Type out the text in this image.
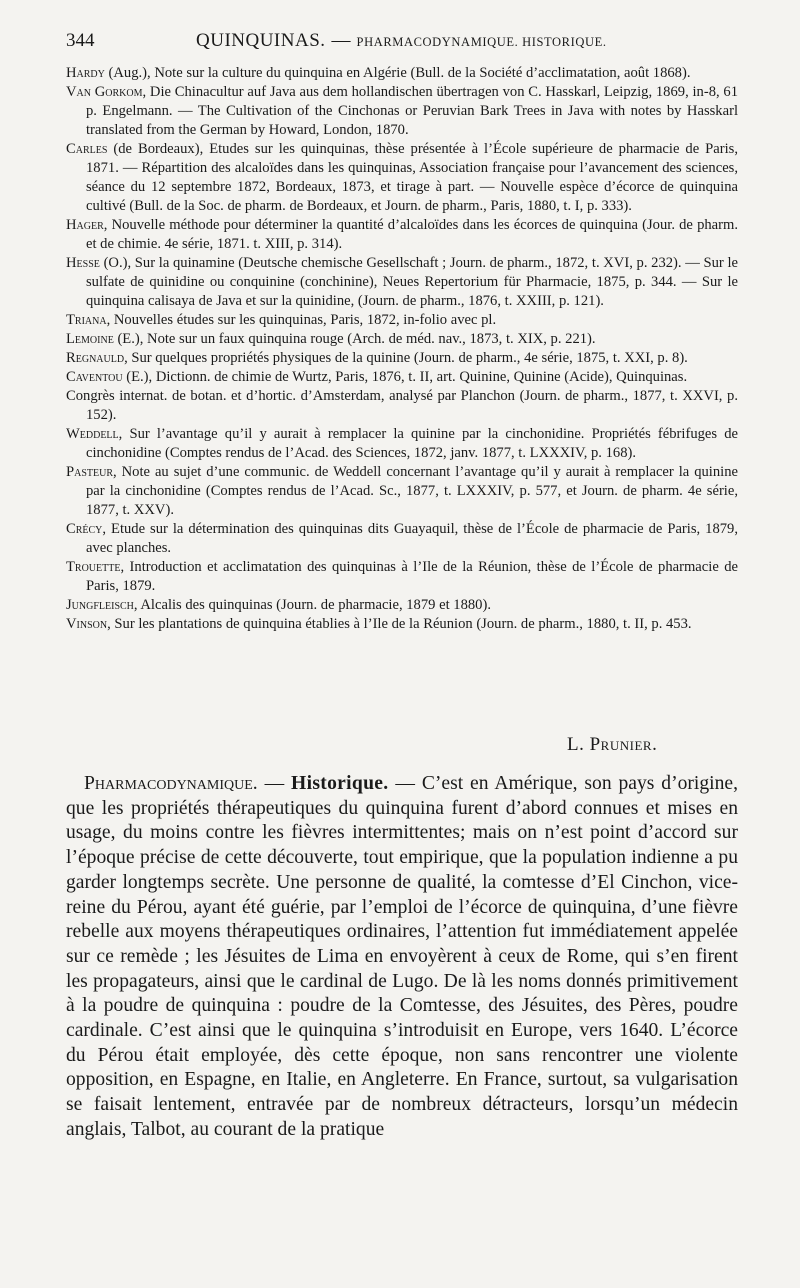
344	QUINQUINAS. — PHARMACODYNAMIQUE. HISTORIQUE.

Hardy (Aug.), Note sur la culture du quinquina en Algérie (Bull. de la Société d’acclimatation, août 1868).

Van Gorkom, Die Chinacultur auf Java aus dem hollandischen übertragen von C. Hasskarl, Leipzig, 1869, in-8, 61 p. Engelmann. — The Cultivation of the Cinchonas or Peruvian Bark Trees in Java with notes by Hasskarl translated from the German by Howard, London, 1870.

Carles (de Bordeaux), Etudes sur les quinquinas, thèse présentée à l’École supérieure de pharmacie de Paris, 1871. — Répartition des alcaloïdes dans les quinquinas, Association française pour l’avancement des sciences, séance du 12 septembre 1872, Bordeaux, 1873, et tirage à part. — Nouvelle espèce d’écorce de quinquina cultivé (Bull. de la Soc. de pharm. de Bordeaux, et Journ. de pharm., Paris, 1880, t. I, p. 333).

Hager, Nouvelle méthode pour déterminer la quantité d’alcaloïdes dans les écorces de quinquina (Jour. de pharm. et de chimie. 4e série, 1871. t. XIII, p. 314).

Hesse (O.), Sur la quinamine (Deutsche chemische Gesellschaft ; Journ. de pharm., 1872, t. XVI, p. 232). — Sur le sulfate de quinidine ou conquinine (conchinine), Neues Repertorium für Pharmacie, 1875, p. 344. — Sur le quinquina calisaya de Java et sur la quinidine, (Journ. de pharm., 1876, t. XXIII, p. 121).

Triana, Nouvelles études sur les quinquinas, Paris, 1872, in-folio avec pl.

Lemoine (E.), Note sur un faux quinquina rouge (Arch. de méd. nav., 1873, t. XIX, p. 221).

Regnauld, Sur quelques propriétés physiques de la quinine (Journ. de pharm., 4e série, 1875, t. XXI, p. 8).

Caventou (E.), Dictionn. de chimie de Wurtz, Paris, 1876, t. II, art. Quinine, Quinine (Acide), Quinquinas.

Congrès internat. de botan. et d’hortic. d’Amsterdam, analysé par Planchon (Journ. de pharm., 1877, t. XXVI, p. 152).

Weddell, Sur l’avantage qu’il y aurait à remplacer la quinine par la cinchonidine. Propriétés fébrifuges de cinchonidine (Comptes rendus de l’Acad. des Sciences, 1872, janv. 1877, t. LXXXIV, p. 168).

Pasteur, Note au sujet d’une communic. de Weddell concernant l’avantage qu’il y aurait à remplacer la quinine par la cinchonidine (Comptes rendus de l’Acad. Sc., 1877, t. LXXXIV, p. 577, et Journ. de pharm. 4e série, 1877, t. XXV).

Crécy, Etude sur la détermination des quinquinas dits Guayaquil, thèse de l’École de pharmacie de Paris, 1879, avec planches.

Trouette, Introduction et acclimatation des quinquinas à l’Ile de la Réunion, thèse de l’École de pharmacie de Paris, 1879.

Jungfleisch, Alcalis des quinquinas (Journ. de pharmacie, 1879 et 1880).

Vinson, Sur les plantations de quinquina établies à l’Ile de la Réunion (Journ. de pharm., 1880, t. II, p. 453.

L. Prunier.

Pharmacodynamique. — Historique. — C’est en Amérique, son pays d’origine, que les propriétés thérapeutiques du quinquina furent d’abord connues et mises en usage, du moins contre les fièvres intermittentes; mais on n’est point d’accord sur l’époque précise de cette découverte, tout empirique, que la population indienne a pu garder longtemps secrète. Une personne de qualité, la comtesse d’El Cinchon, vice-reine du Pérou, ayant été guérie, par l’emploi de l’écorce de quinquina, d’une fièvre rebelle aux moyens thérapeutiques ordinaires, l’attention fut immédiatement appelée sur ce remède ; les Jésuites de Lima en envoyèrent à ceux de Rome, qui s’en firent les propagateurs, ainsi que le cardinal de Lugo. De là les noms donnés primitivement à la poudre de quinquina : poudre de la Comtesse, des Jésuites, des Pères, poudre cardinale. C’est ainsi que le quinquina s’introduisit en Europe, vers 1640. L’écorce du Pérou était employée, dès cette époque, non sans rencontrer une violente opposition, en Espagne, en Italie, en Angleterre. En France, surtout, sa vulgarisation se faisait lentement, entravée par de nombreux détracteurs, lorsqu’un médecin anglais, Talbot, au courant de la pratique
